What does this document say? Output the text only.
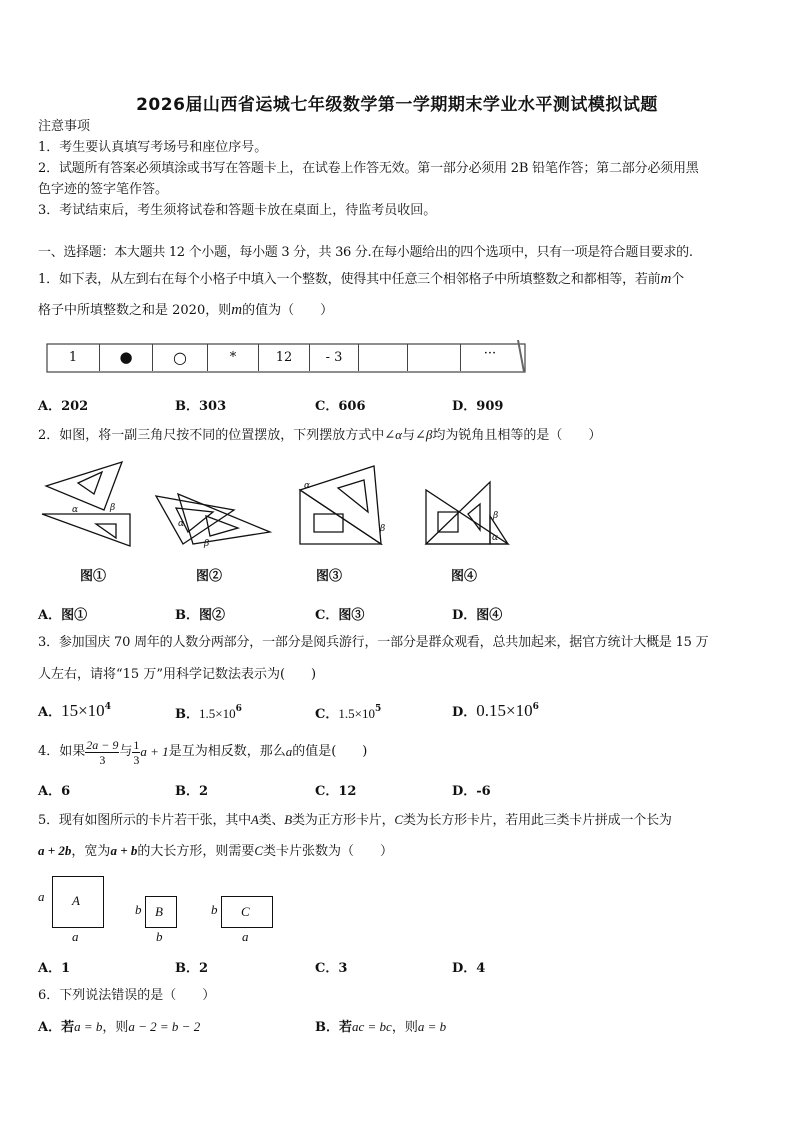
2026届山西省运城七年级数学第一学期期末学业水平测试模拟试题
注意事项
1．考生要认真填写考场号和座位序号。
2．试题所有答案必须填涂或书写在答题卡上，在试卷上作答无效。第一部分必须用 2B 铅笔作答；第二部分必须用黑
色字迹的签字笔作答。
3．考试结束后，考生须将试卷和答题卡放在桌面上，待监考员收回。
一、选择题：本大题共 12 个小题，每小题 3 分，共 36 分.在每小题给出的四个选项中，只有一项是符合题目要求的.
1．如下表，从左到右在每个小格子中填入一个整数，使得其中任意三个相邻格子中所填整数之和都相等，若前m个
格子中所填整数之和是 2020，则m的值为（　　）
1	●	○	*	12	- 3	···
A．202	B．303	C．606	D．909
2．如图，将一副三角尺按不同的位置摆放，下列摆放方式中∠α与∠β均为锐角且相等的是（　　）
α	β
α
β
α
β
β
α
图①	图②	图③	图④
A．图①	B．图②	C．图③	D．图④
3．参加国庆 70 周年的人数分两部分，一部分是阅兵游行，一部分是群众观看，总共加起来，据官方统计大概是 15 万
人左右，请将“15 万”用科学记数法表示为(　　)
A．$15\times 10^4$	B．$1.5\times 10^6$	C．$1.5\times 10^5$	D．$0.15\times 10^6$
4．如果 $\frac{2a - 9}{3}$ 与 $\frac{1}{3}$ a + 1 是互为相反数，那么 a 的值是(　　)
A．6	B．2	C．12	D．-6
5．现有如图所示的卡片若干张，其中A类、B类为正方形卡片，C类为长方形卡片，若用此三类卡片拼成一个长为
a + 2b，宽为a + b的大长方形，则需要C类卡片张数为（　　）
a A
a
b B
b
b C
a
A．1	B．2	C．3	D．4
6．下列说法错误的是（　　）
A．若a = b，则a − 2 = b − 2	B．若ac = bc，则a = b
